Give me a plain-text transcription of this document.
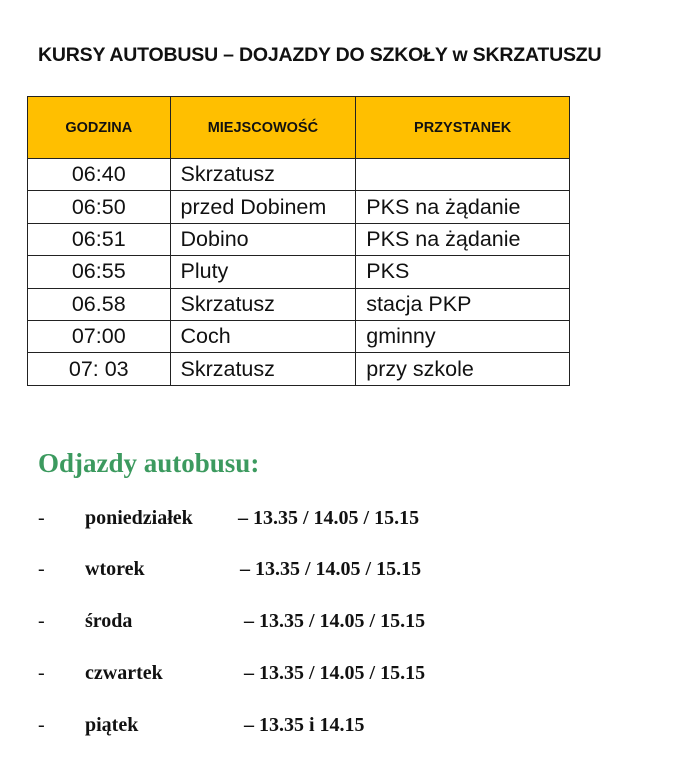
KURSY AUTOBUSU – DOJAZDY DO SZKOŁY w SKRZATUSZU
GODZINA	MIEJSCOWOŚĆ	PRZYSTANEK
06:40	Skrzatusz	
06:50	przed Dobinem	PKS na żądanie
06:51	Dobino	PKS na żądanie
06:55	Pluty	PKS
06.58	Skrzatusz	stacja PKP
07:00	Coch	gminny
07: 03	Skrzatusz	przy szkole
Odjazdy autobusu:
- poniedziałek – 13.35 / 14.05 / 15.15
- wtorek	– 13.35 / 14.05 / 15.15
- środa	– 13.35 / 14.05 / 15.15
- czwartek	– 13.35 / 14.05 / 15.15
- piątek	– 13.35 i 14.15
